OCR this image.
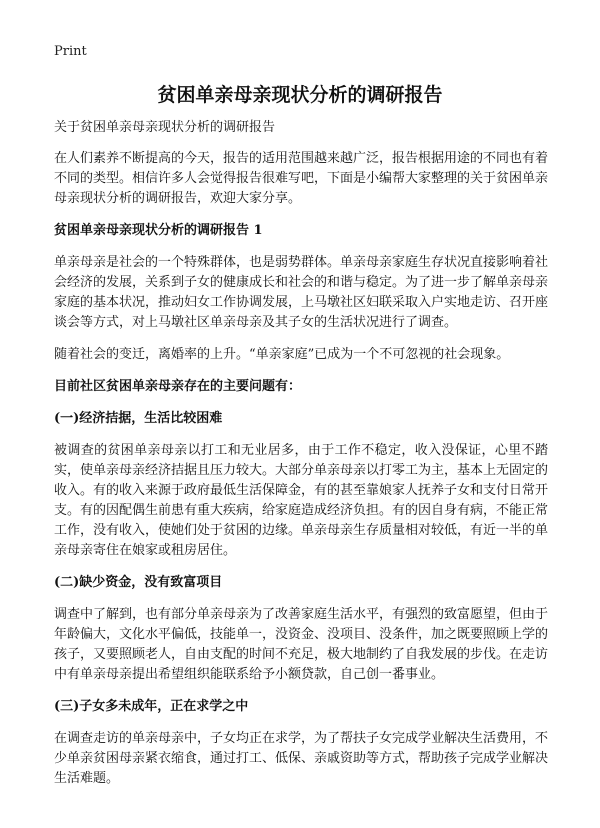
Print
贫困单亲母亲现状分析的调研报告

关于贫困单亲母亲现状分析的调研报告

在人们素养不断提高的今天，报告的适用范围越来越广泛，报告根据用途的不同也有着不同的类型。相信许多人会觉得报告很难写吧，下面是小编帮大家整理的关于贫困单亲母亲现状分析的调研报告，欢迎大家分享。

贫困单亲母亲现状分析的调研报告 1

单亲母亲是社会的一个特殊群体，也是弱势群体。单亲母亲家庭生存状况直接影响着社会经济的发展，关系到子女的健康成长和社会的和谐与稳定。为了进一步了解单亲母亲家庭的基本状况，推动妇女工作协调发展，上马墩社区妇联采取入户实地走访、召开座谈会等方式，对上马墩社区单亲母亲及其子女的生活状况进行了调查。

随着社会的变迁，离婚率的上升。“单亲家庭”已成为一个不可忽视的社会现象。

目前社区贫困单亲母亲存在的主要问题有：

(一)经济拮据，生活比较困难

被调查的贫困单亲母亲以打工和无业居多，由于工作不稳定，收入没保证，心里不踏实，使单亲母亲经济拮据且压力较大。大部分单亲母亲以打零工为主，基本上无固定的收入。有的收入来源于政府最低生活保障金，有的甚至靠娘家人抚养子女和支付日常开支。有的因配偶生前患有重大疾病，给家庭造成经济负担。有的因自身有病，不能正常工作，没有收入，使她们处于贫困的边缘。单亲母亲生存质量相对较低，有近一半的单亲母亲寄住在娘家或租房居住。

(二)缺少资金，没有致富项目

调查中了解到，也有部分单亲母亲为了改善家庭生活水平，有强烈的致富愿望，但由于年龄偏大，文化水平偏低，技能单一，没资金、没项目、没条件，加之既要照顾上学的孩子，又要照顾老人，自由支配的时间不充足，极大地制约了自我发展的步伐。在走访中有单亲母亲提出希望组织能联系给予小额贷款，自己创一番事业。

(三)子女多未成年，正在求学之中

在调查走访的单亲母亲中，子女均正在求学，为了帮扶子女完成学业解决生活费用，不少单亲贫困母亲紧衣缩食，通过打工、低保、亲戚资助等方式，帮助孩子完成学业解决生活难题。
